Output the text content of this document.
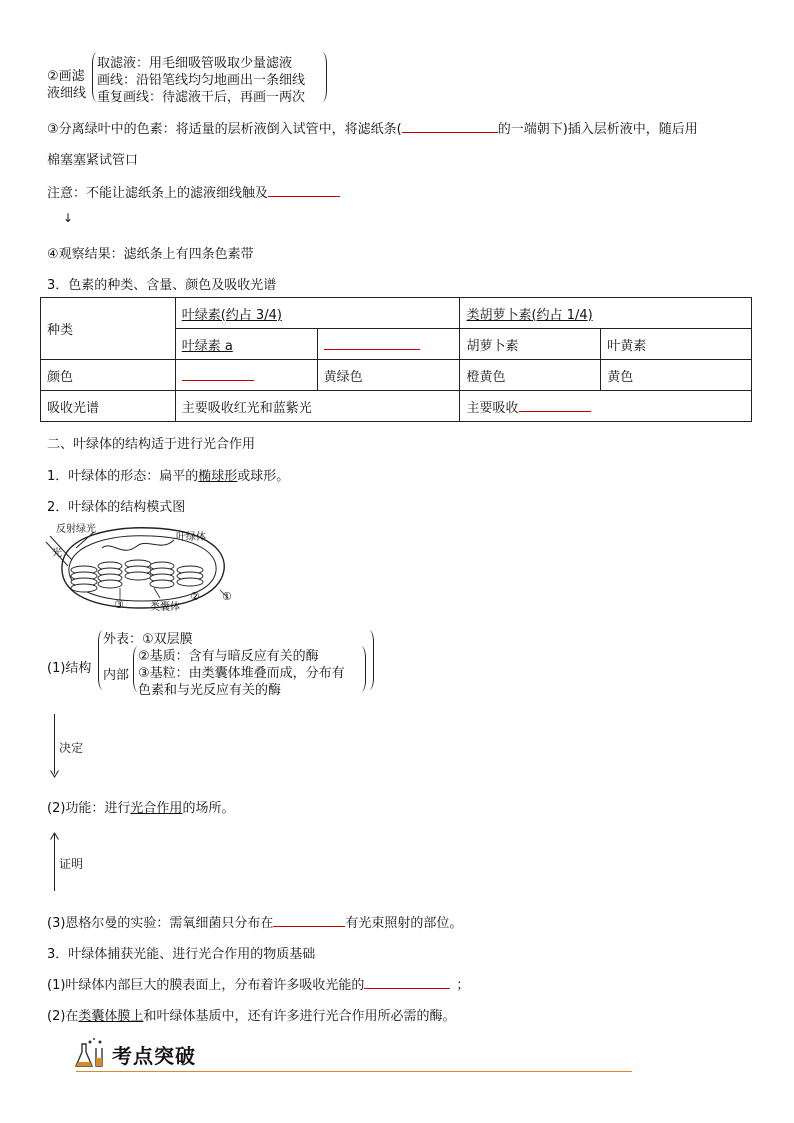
②画滤
液细线
取滤液：用毛细吸管吸取少量滤液
画线：沿铅笔线均匀地画出一条细线
重复画线：待滤液干后，再画一两次
③分离绿叶中的色素：将适量的层析液倒入试管中，将滤纸条(	的一端朝下)插入层析液中，随后用
棉塞塞紧试管口
注意：不能让滤纸条上的滤液细线触及
↓
④观察结果：滤纸条上有四条色素带
3．色素的种类、含量、颜色及吸收光谱
种类	叶绿素(约占 3/4)		类胡萝卜素(约占 1/4)	
	叶绿素 a		胡萝卜素	叶黄素
颜色		黄绿色	橙黄色	黄色
吸收光谱	主要吸收红光和蓝紫光		主要吸收	
二、叶绿体的结构适于进行光合作用
1．叶绿体的形态：扁平的椭球形或球形。
2．叶绿体的结构模式图
反射绿光
光
叶绿体
类囊体
①
②
③
(1)结构
外表：①双层膜
内部
②基质：含有与暗反应有关的酶
③基粒：由类囊体堆叠而成，分布有
色素和与光反应有关的酶
决定
(2)功能：进行光合作用的场所。
证明
(3)恩格尔曼的实验：需氧细菌只分布在	有光束照射的部位。
3．叶绿体捕获光能、进行光合作用的物质基础
(1)叶绿体内部巨大的膜表面上，分布着许多吸收光能的	；
(2)在类囊体膜上和叶绿体基质中，还有许多进行光合作用所必需的酶。
考点突破
